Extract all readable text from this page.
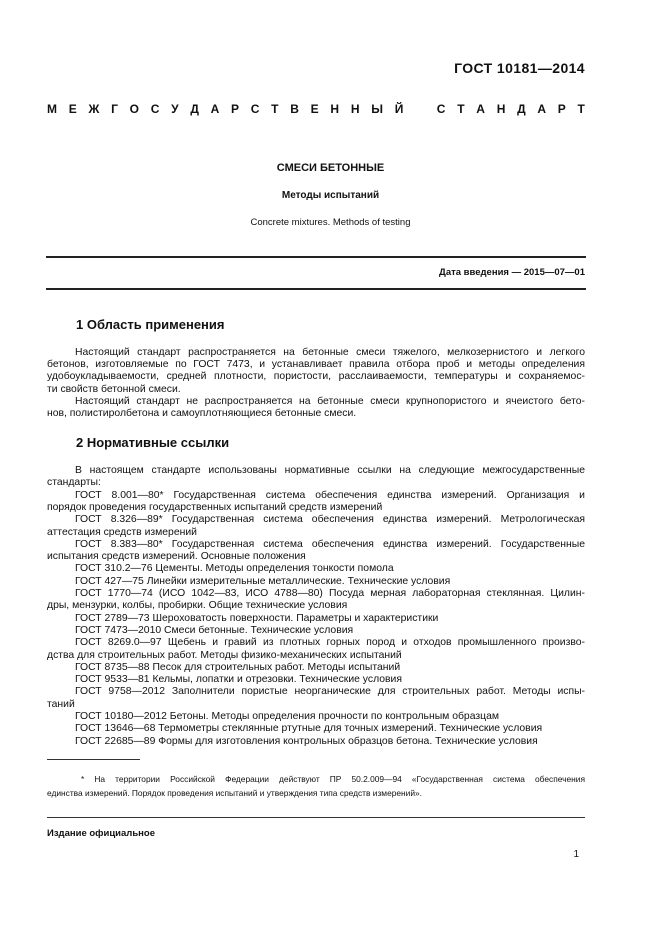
ГОСТ 10181—2014
М Е Ж Г О С У Д А Р С Т В Е Н Н Ы Й	С Т А Н Д А Р Т
СМЕСИ БЕТОННЫЕ
Методы испытаний
Concrete mixtures. Methods of testing
Дата введения — 2015—07—01
1 Область применения
Настоящий стандарт распространяется на бетонные смеси тяжелого, мелкозернистого и легкого
бетонов, изготовляемые по ГОСТ 7473, и устанавливает правила отбора проб и методы определения
удобоукладываемости, средней плотности, пористости, расслаиваемости, температуры и сохраняемос-
ти свойств бетонной смеси.
Настоящий стандарт не распространяется на бетонные смеси крупнопористого и ячеистого бето-
нов, полистиролбетона и самоуплотняющиеся бетонные смеси.
2 Нормативные ссылки
В настоящем стандарте использованы нормативные ссылки на следующие межгосударственные
стандарты:
ГОСТ 8.001—80* Государственная система обеспечения единства измерений. Организация и
порядок проведения государственных испытаний средств измерений
ГОСТ 8.326—89* Государственная система обеспечения единства измерений. Метрологическая
аттестация средств измерений
ГОСТ 8.383—80* Государственная система обеспечения единства измерений. Государственные
испытания средств измерений. Основные положения
ГОСТ 310.2—76 Цементы. Методы определения тонкости помола
ГОСТ 427—75 Линейки измерительные металлические. Технические условия
ГОСТ 1770—74 (ИСО 1042—83, ИСО 4788—80) Посуда мерная лабораторная стеклянная. Цилин-
дры, мензурки, колбы, пробирки. Общие технические условия
ГОСТ 2789—73 Шероховатость поверхности. Параметры и характеристики
ГОСТ 7473—2010 Смеси бетонные. Технические условия
ГОСТ 8269.0—97 Щебень и гравий из плотных горных пород и отходов промышленного произво-
дства для строительных работ. Методы физико-механических испытаний
ГОСТ 8735—88 Песок для строительных работ. Методы испытаний
ГОСТ 9533—81 Кельмы, лопатки и отрезовки. Технические условия
ГОСТ 9758—2012 Заполнители пористые неорганические для строительных работ. Методы испы-
таний
ГОСТ 10180—2012 Бетоны. Методы определения прочности по контрольным образцам
ГОСТ 13646—68 Термометры стеклянные ртутные для точных измерений. Технические условия
ГОСТ 22685—89 Формы для изготовления контрольных образцов бетона. Технические условия
* На территории Российской Федерации действуют ПР 50.2.009—94 «Государственная система обеспечения
единства измерений. Порядок проведения испытаний и утверждения типа средств измерений».
Издание официальное
1
